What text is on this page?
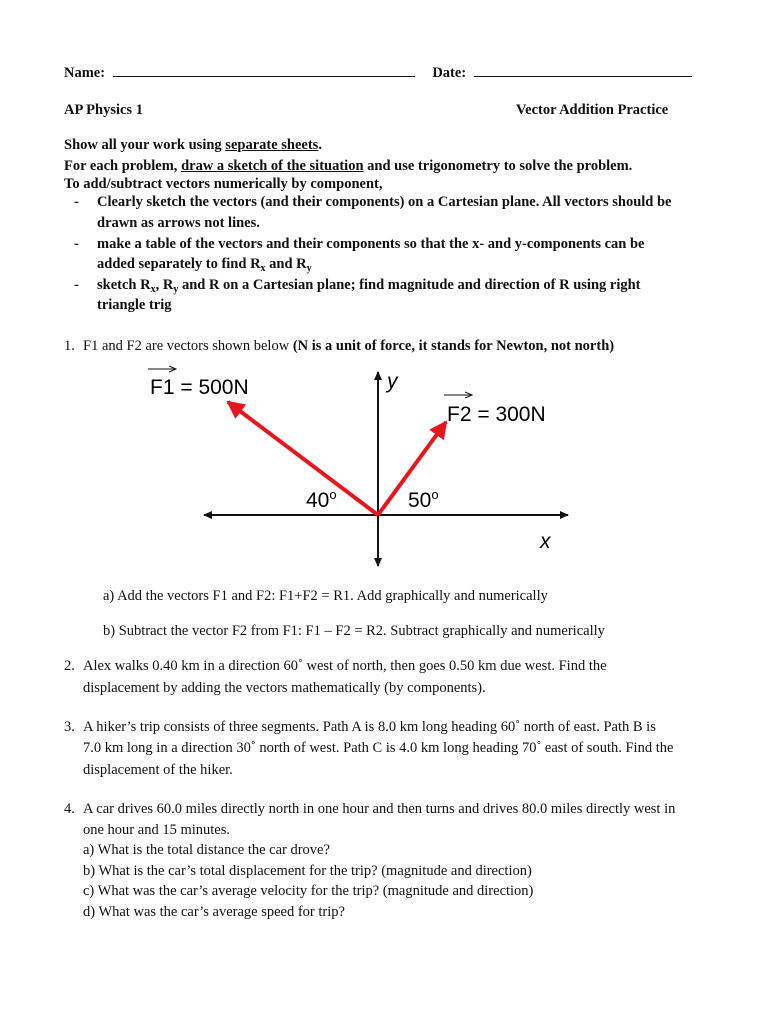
Name:	Date:
AP Physics 1	Vector Addition Practice
Show all your work using separate sheets.
For each problem, draw a sketch of the situation and use trigonometry to solve the problem.
To add/subtract vectors numerically by component,
- Clearly sketch the vectors (and their components) on a Cartesian plane. All vectors should be
drawn as arrows not lines.
- make a table of the vectors and their components so that the x- and y-components can be
added separately to find $R_x$ and $R_y$
- sketch $R_x$, $R_y$ and R on a Cartesian plane; find magnitude and direction of R using right
triangle trig
1. F1 and F2 are vectors shown below (N is a unit of force, it stands for Newton, not north)
F1 = 500N
F2 = 300N
y
x
40$^o$	50$^o$
a) Add the vectors F1 and F2: F1+F2 = R1. Add graphically and numerically
b) Subtract the vector F2 from F1: F1 – F2 = R2. Subtract graphically and numerically
2. Alex walks 0.40 km in a direction 60˚ west of north, then goes 0.50 km due west. Find the
displacement by adding the vectors mathematically (by components).
3. A hiker’s trip consists of three segments. Path A is 8.0 km long heading 60˚ north of east. Path B is
7.0 km long in a direction 30˚ north of west. Path C is 4.0 km long heading 70˚ east of south. Find the
displacement of the hiker.
4. A car drives 60.0 miles directly north in one hour and then turns and drives 80.0 miles directly west in
one hour and 15 minutes.
a) What is the total distance the car drove?
b) What is the car’s total displacement for the trip? (magnitude and direction)
c) What was the car’s average velocity for the trip? (magnitude and direction)
d) What was the car’s average speed for trip?
